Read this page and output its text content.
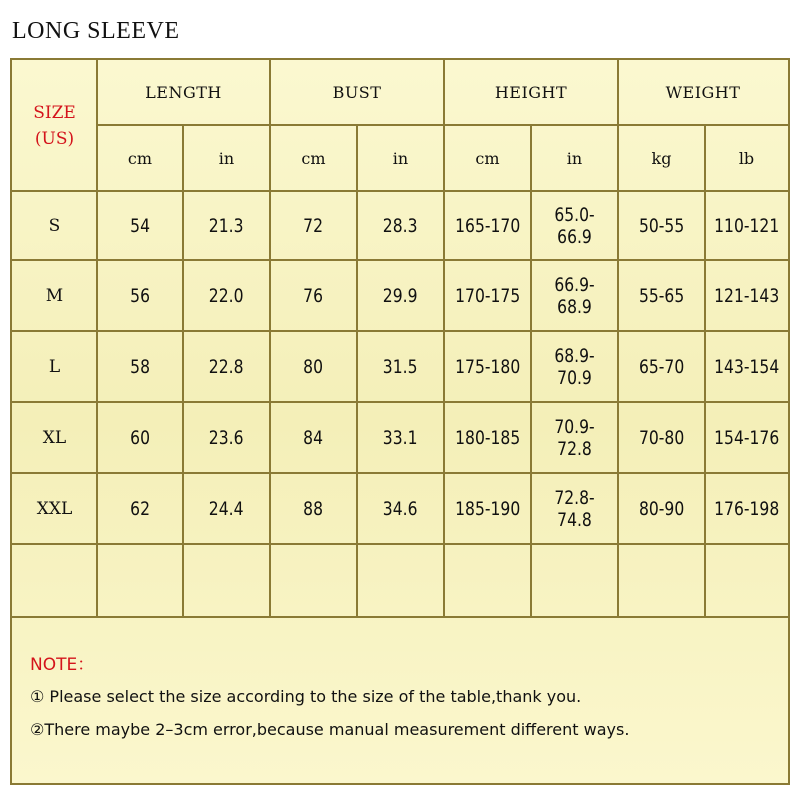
LONG SLEEVE
SIZE
(US)
LENGTH	BUST	HEIGHT	WEIGHT
cm	in	cm	in	cm	in	kg	lb
S	54	21.3	72	28.3 165-170	65.0-66.9	50-55 110-121
M	56	22.0	76	29.9 170-175	66.9-68.9	55-65 121-143
L	58	22.8	80	31.5 175-180	68.9-70.9	65-70 143-154
XL	60	23.6	84	33.1 180-185	70.9-72.8	70-80 154-176
XXL	62	24.4	88	34.6 185-190	72.8-74.8	80-90 176-198
NOTE：
① Please select the size according to the size of the table,thank you.
②There maybe 2–3cm error,because manual measurement different ways.
